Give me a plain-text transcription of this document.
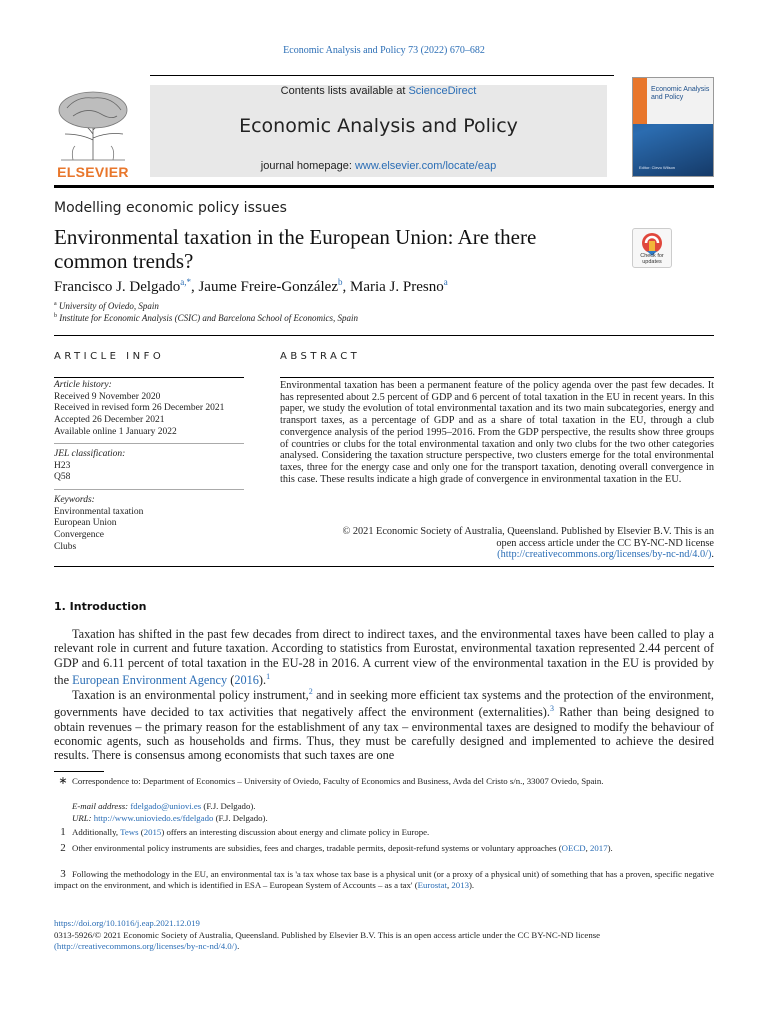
Economic Analysis and Policy 73 (2022) 670–682
ELSEVIER
Contents lists available at ScienceDirect
Economic Analysis and Policy
journal homepage: www.elsevier.com/locate/eap
Economic Analysis and Policy
Editor: Clevo Wilson
Modelling economic policy issues
Environmental taxation in the European Union: Are there common trends?	Check for updates
Francisco J. Delgado$^{a,*}$, Jaume Freire-González$^b$, Maria J. Presno$^a$
$^a$ University of Oviedo, Spain
$^b$ Institute for Economic Analysis (CSIC) and Barcelona School of Economics, Spain
ARTICLE INFO	ABSTRACT
Article history:
Received 9 November 2020
Received in revised form 26 December 2021
Accepted 26 December 2021
Available online 1 January 2022
JEL classification:
H23
Q58
Keywords:
Environmental taxation
European Union
Convergence
Clubs
Environmental taxation has been a permanent feature of the policy agenda over the past few decades. It has represented about 2.5 percent of GDP and 6 percent of total taxation in the EU in recent years. In this paper, we study the evolution of total environmental taxation and its two main subcategories, energy and transport taxes, as a percentage of GDP and as a share of total taxation in the EU, through a club convergence analysis of the period 1995–2016. From the GDP perspective, the results show three groups of countries or clubs for the total environmental taxation and only two clubs for the two other categories analysed. Considering the taxation structure perspective, two clusters emerge for the total environmental taxes, three for the energy case and only one for the transport taxation, denoting overall convergence in this case. These results indicate a high grade of convergence in environmental taxation in the EU.
© 2021 Economic Society of Australia, Queensland. Published by Elsevier B.V. This is an
open access article under the CC BY-NC-ND license
(http://creativecommons.org/licenses/by-nc-nd/4.0/).
1. Introduction
Taxation has shifted in the past few decades from direct to indirect taxes, and the environmental taxes have been called to play a relevant role in current and future taxation. According to statistics from Eurostat, environmental taxation represented 2.44 percent of GDP and 6.11 percent of total taxation in the EU-28 in 2016. A current view of the environmental taxation in the EU is provided by the European Environment Agency (2016).$^1$
Taxation is an environmental policy instrument,$^2$ and in seeking more efficient tax systems and the protection of the environment, governments have decided to tax activities that negatively affect the environment (externalities).$^3$ Rather than being designed to obtain revenues – the primary reason for the establishment of any tax – environmental taxes are designed to modify the behaviour of economic agents, such as households and firms. Thus, they must be carefully designed and implemented to achieve the desired results. There is consensus among economists that such taxes are one
∗ Correspondence to: Department of Economics – University of Oviedo, Faculty of Economics and Business, Avda del Cristo s/n., 33007 Oviedo, Spain.
E-mail address: fdelgado@uniovi.es (F.J. Delgado).
URL: http://www.unioviedo.es/fdelgado (F.J. Delgado).
1 Additionally, Tews (2015) offers an interesting discussion about energy and climate policy in Europe.
2 Other environmental policy instruments are subsidies, fees and charges, tradable permits, deposit-refund systems or voluntary approaches (OECD, 2017).
3 Following the methodology in the EU, an environmental tax is 'a tax whose tax base is a physical unit (or a proxy of a physical unit) of something that has a proven, specific negative impact on the environment, and which is identified in ESA – European System of Accounts – as a tax' (Eurostat, 2013).
https://doi.org/10.1016/j.eap.2021.12.019
0313-5926/© 2021 Economic Society of Australia, Queensland. Published by Elsevier B.V. This is an open access article under the CC BY-NC-ND license (http://creativecommons.org/licenses/by-nc-nd/4.0/).
